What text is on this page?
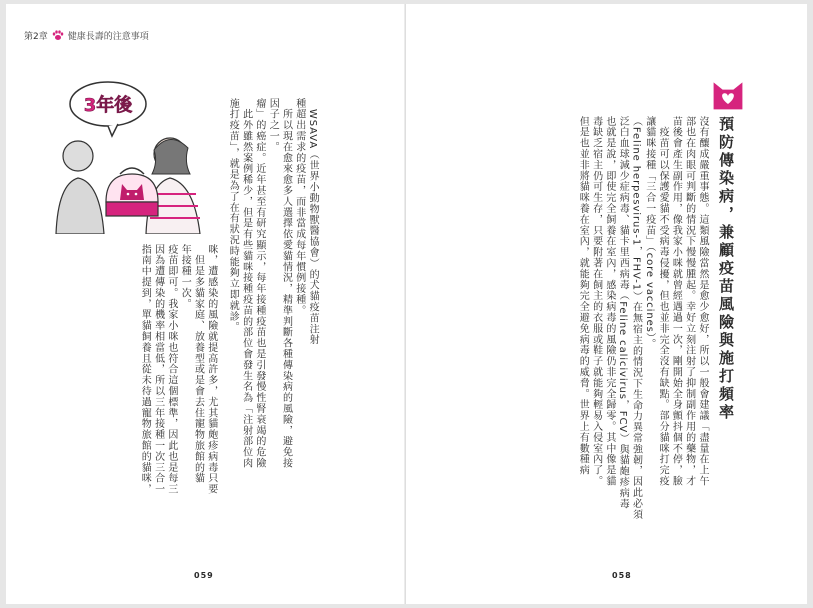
第2章 健康長壽的注意事項
3年後	　WSAVA（世界小動物獸醫協會）的犬貓疫苗注射
種超出需求的疫苗，而非當成每年慣例接種。
　所以現在愈來愈多人選擇依愛貓情況，精準判斷各種傳染病的風險，避免接
因子之一。
瘤」的癌症。近年甚至有研究顯示，每年接種疫苗也是引發慢性腎衰竭的危險
　此外雖然案例稀少，但是有些貓咪接種疫苗的部位會發生名為「注射部位肉
施打疫苗」，就是為了在有狀況時能夠立即就診。
咪，遭感染的風險就提高許多，尤其貓皰疹病毒只要
　但是多貓家庭、放養型或是會去住寵物旅館的貓
年接種一次。
疫苗即可。我家小咪也符合這個標準，因此也是每三
因為遭傳染的機率相當低，所以三年接種一次三合一
指南中提到，單貓飼養且從未待過寵物旅館的貓咪，
059	058
預防傳染病，兼顧疫苗風險與施打頻率
沒有釀成嚴重事態。這類風險當然是愈少愈好，所以一般會建議「盡量在上午
部也在肉眼可判斷的情況下慢慢腫起。幸好立刻注射了抑制副作用的藥物，才
苗後會產生副作用，像我家小咪就曾經遇過一次，剛開始全身顫抖個不停，臉
　疫苗可以保護愛貓不受病毒侵擾，但也並非完全沒有缺點。部分貓咪打完疫
讓貓咪接種「三合一疫苗」（core vaccines）。
（Feline herpesvirus-1，FHV-1）在無宿主的情況下生命力異常強韌，因此必須
泛白血球減少症病毒、貓卡里西病毒（Feline calicivirus，FCV）與貓皰疹病毒
也就是說，即使完全飼養在室內，感染病毒的風險仍非完全歸零。其中像是貓
毒缺乏宿主仍可生存，只要附著在飼主的衣服或鞋子就能夠輕易入侵室內了。
但是也並非將貓咪養在室內，就能夠完全避免病毒的威脅。世界上有數種病
